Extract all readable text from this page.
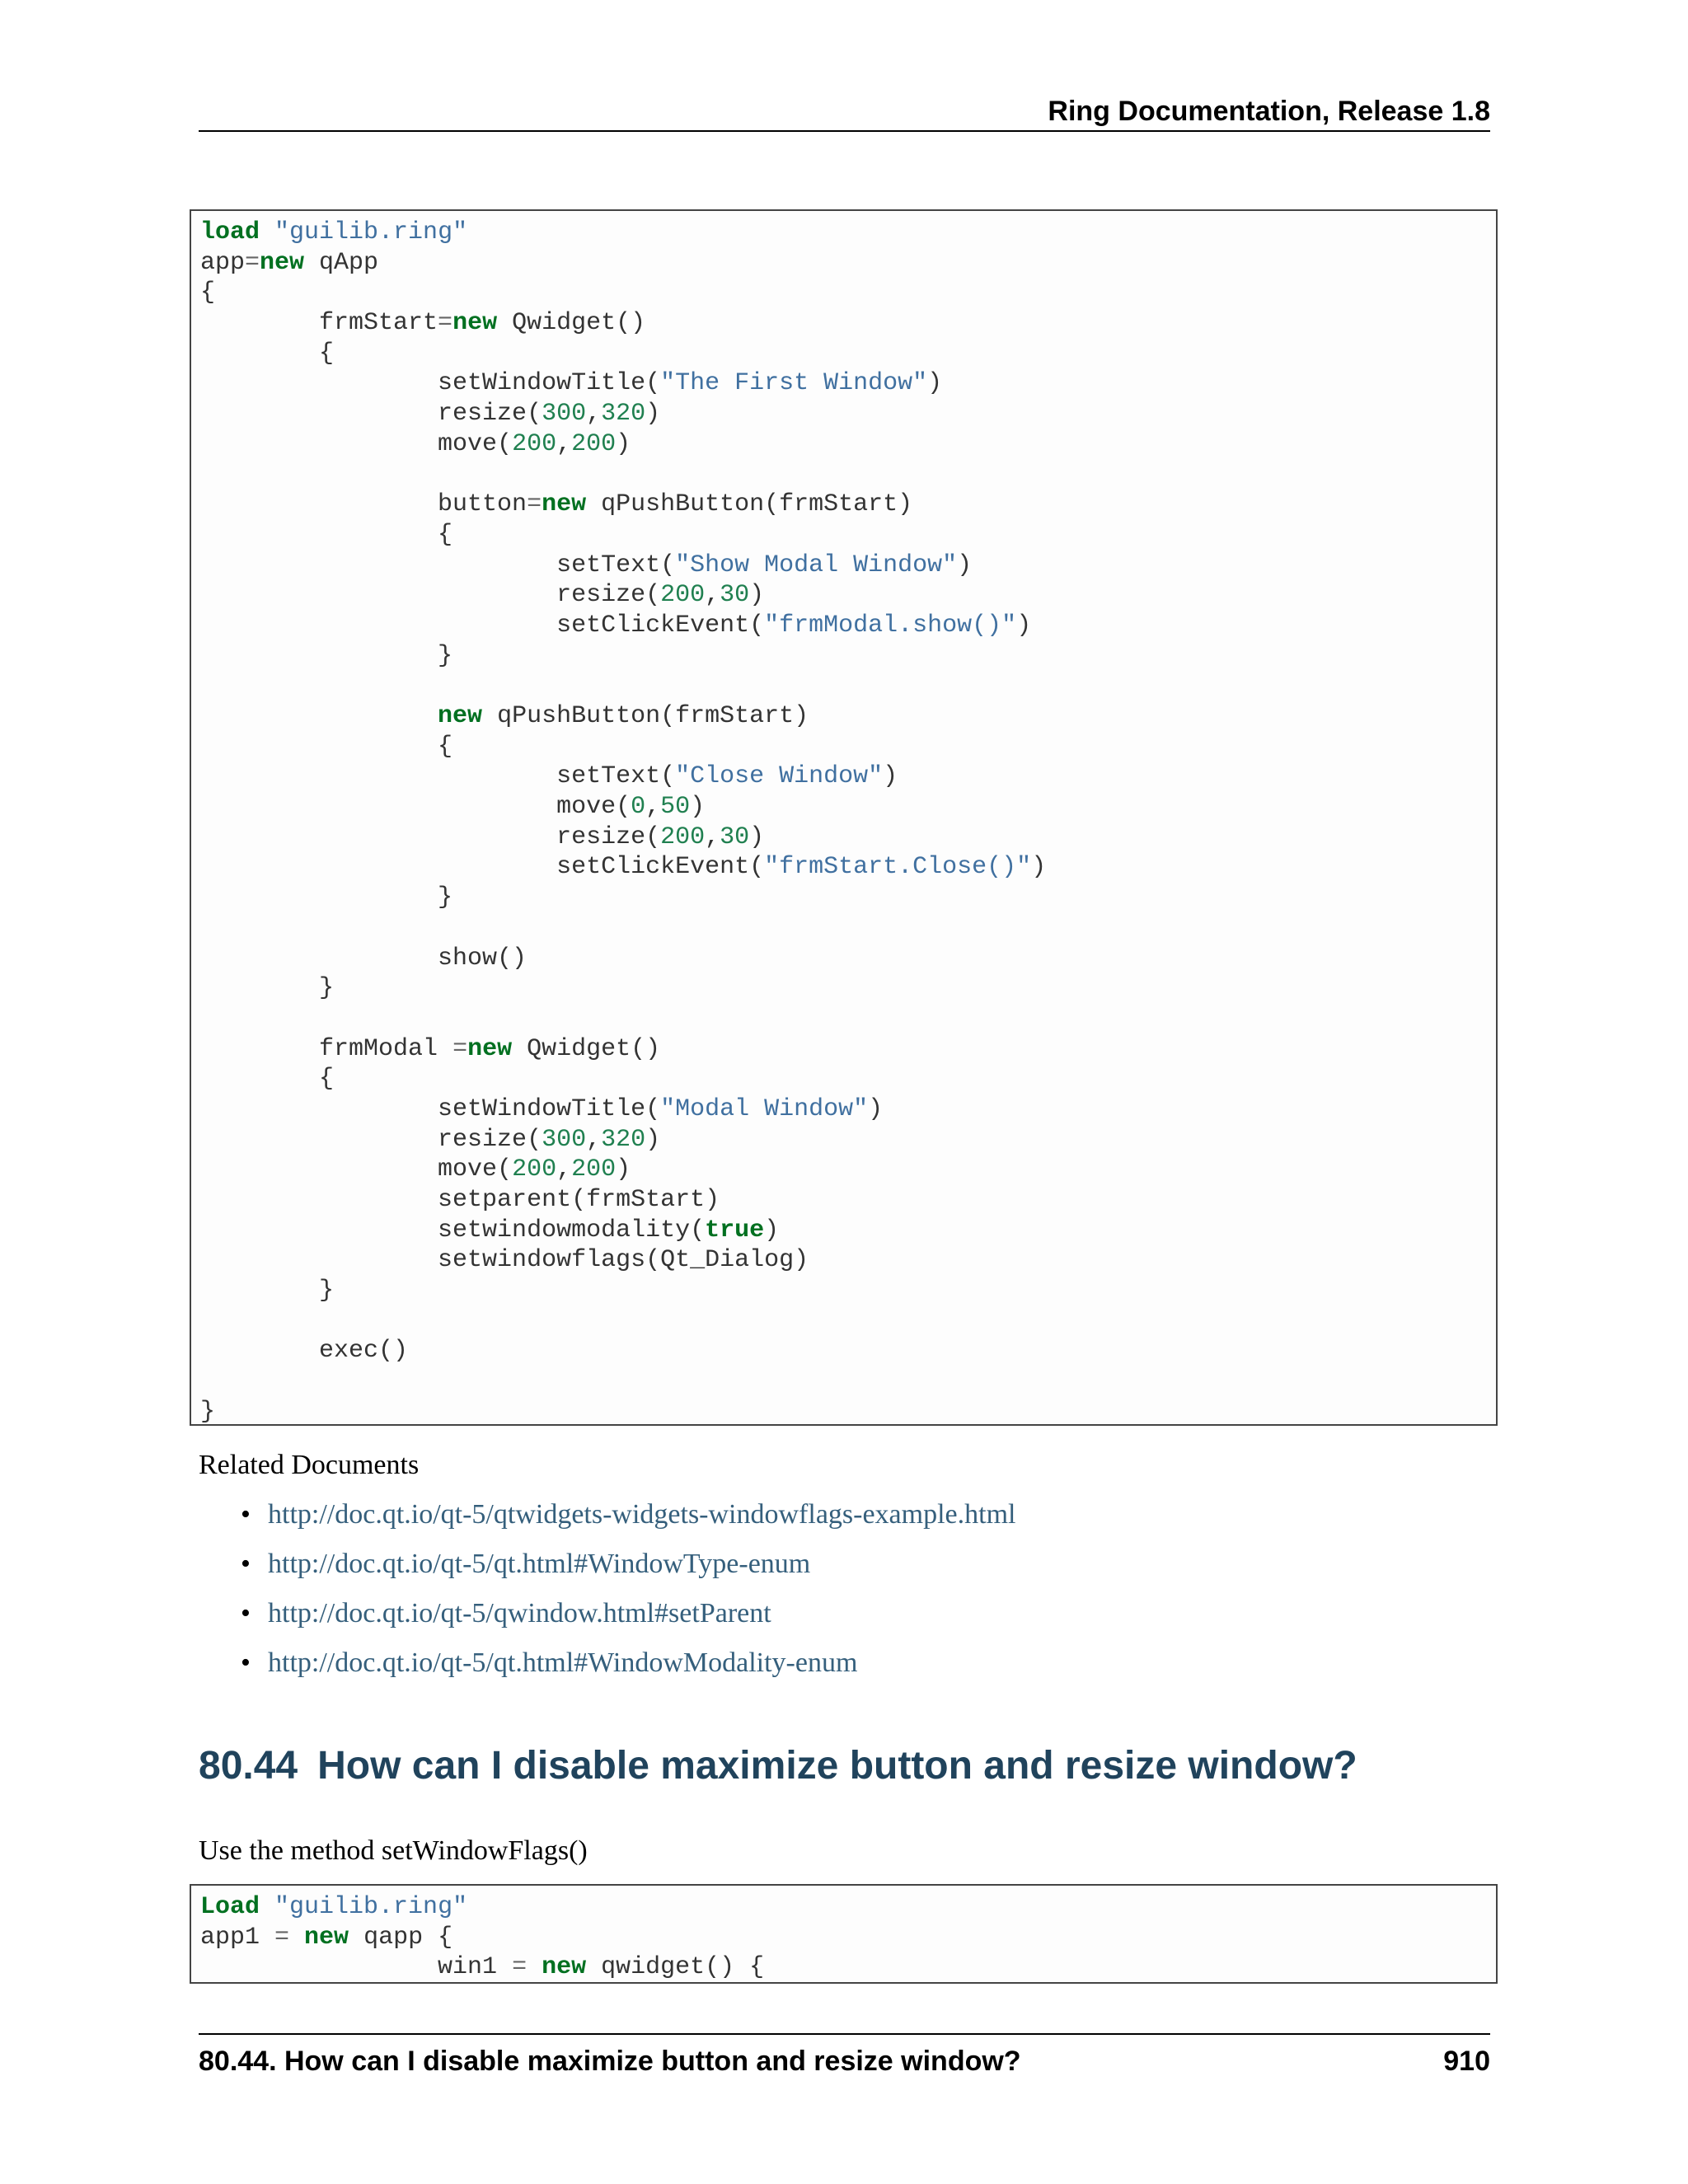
Ring Documentation, Release 1.8
load "guilib.ring"
app=new qApp
{
frmStart=new Qwidget()
{
setWindowTitle("The First Window")
resize(300,320)
move(200,200)
button=new qPushButton(frmStart)
{
setText("Show Modal Window")
resize(200,30)
setClickEvent("frmModal.show()")
}
new qPushButton(frmStart)
{
setText("Close Window")
move(0,50)
resize(200,30)
setClickEvent("frmStart.Close()")
}
show()
}
frmModal =new Qwidget()
{
setWindowTitle("Modal Window")
resize(300,320)
move(200,200)
setparent(frmStart)
setwindowmodality(true)
setwindowflags(Qt_Dialog)
}
exec()
}
Related Documents
• http://doc.qt.io/qt-5/qtwidgets-widgets-windowflags-example.html
• http://doc.qt.io/qt-5/qt.html#WindowType-enum
• http://doc.qt.io/qt-5/qwindow.html#setParent
• http://doc.qt.io/qt-5/qt.html#WindowModality-enum
80.44 How can I disable maximize button and resize window?
Use the method setWindowFlags()
Load "guilib.ring"
app1 = new qapp {
win1 = new qwidget() {
80.44. How can I disable maximize button and resize window?	910
